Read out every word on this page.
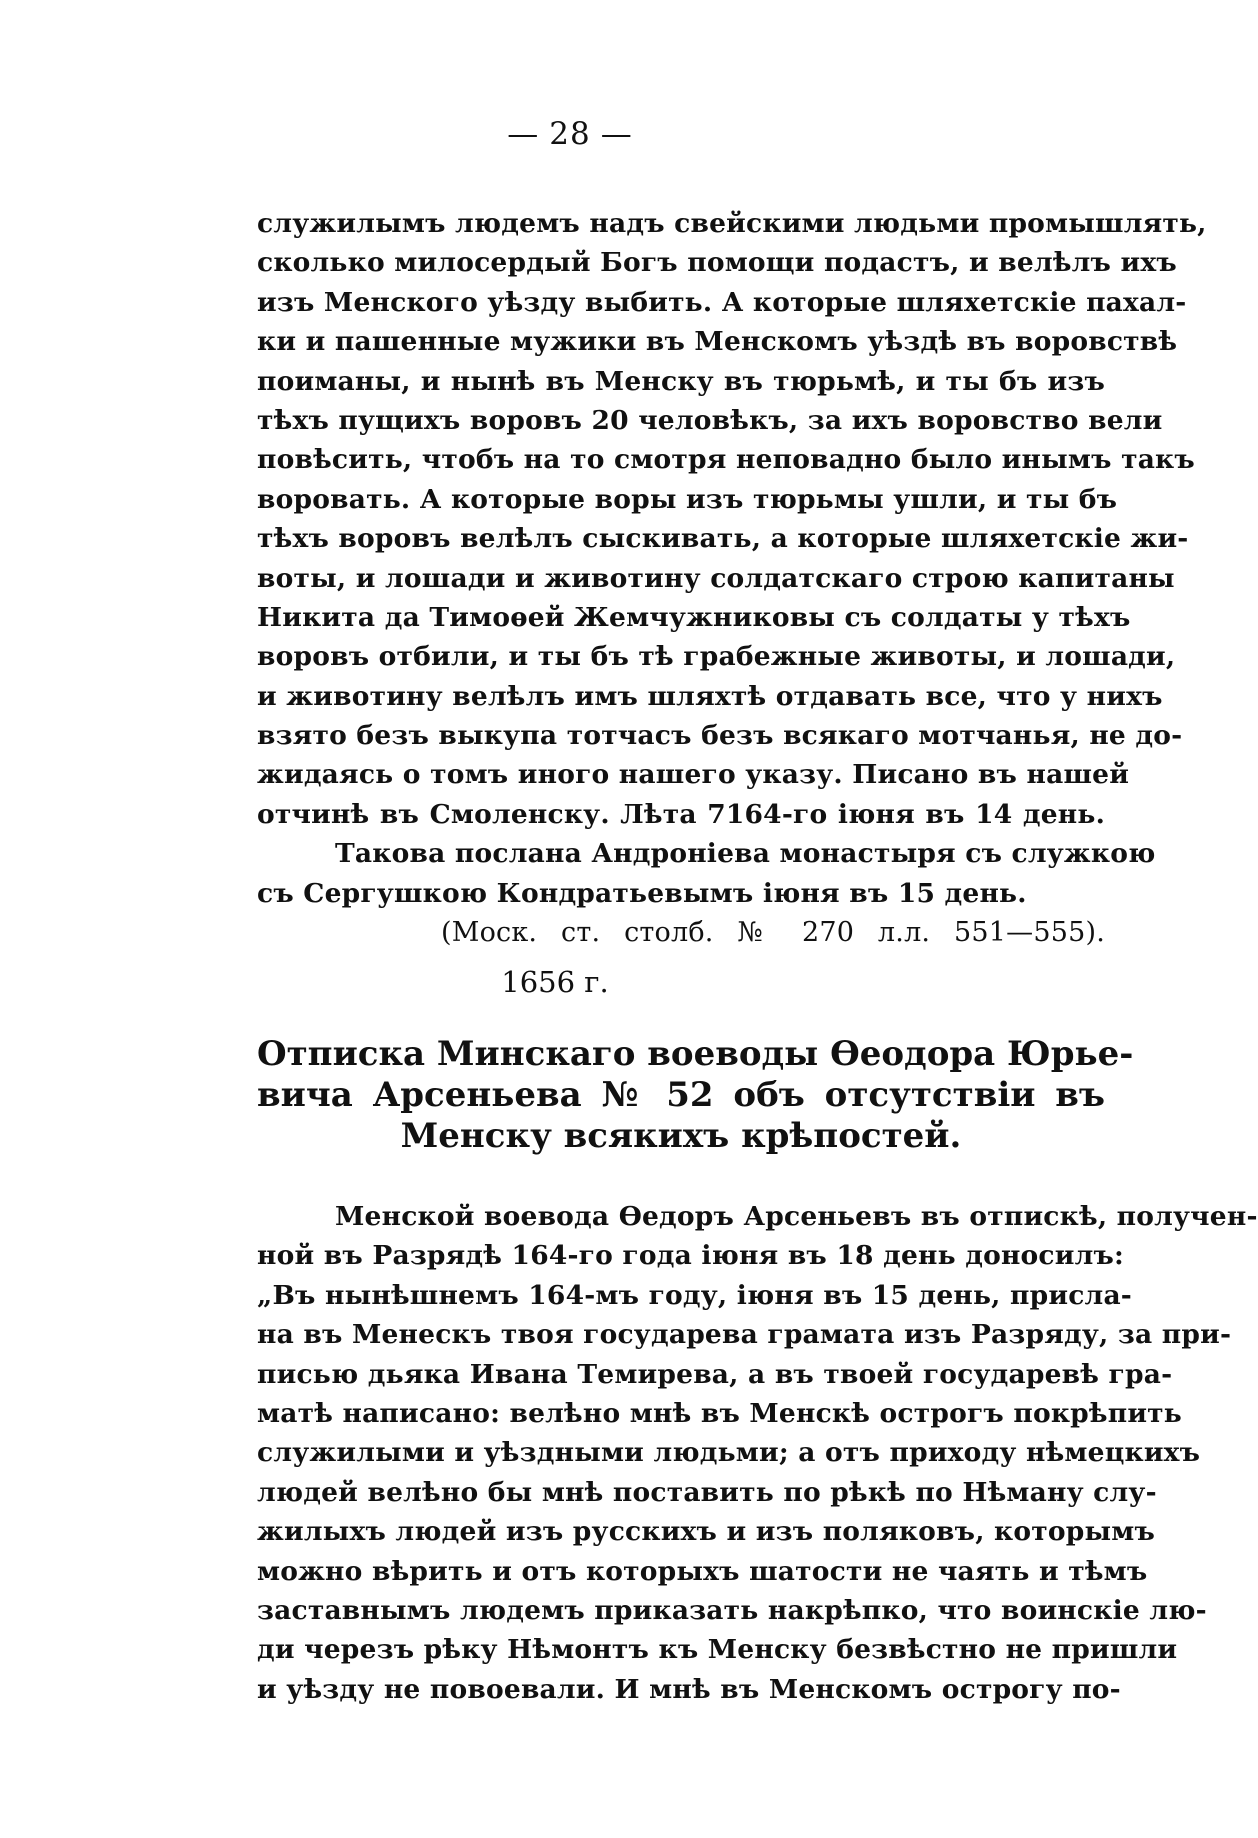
— 28 —
служилымъ людемъ надъ свейскими людьми промышлять,
сколько милосердый Богъ помощи подастъ, и велѣлъ ихъ
изъ Менского уѣзду выбить. А которые шляхетскіе пахал-
ки и пашенные мужики въ Менскомъ уѣздѣ въ воровствѣ
поиманы, и нынѣ въ Менску въ тюрьмѣ, и ты бъ изъ
тѣхъ пущихъ воровъ 20 человѣкъ, за ихъ воровство вели
повѣсить, чтобъ на то смотря неповадно было инымъ такъ
воровать. А которые воры изъ тюрьмы ушли, и ты бъ
тѣхъ воровъ велѣлъ сыскивать, а которые шляхетскіе жи-
воты, и лошади и животину солдатскаго строю капитаны
Никита да Тимоѳей Жемчужниковы съ солдаты у тѣхъ
воровъ отбили, и ты бъ тѣ грабежные животы, и лошади,
и животину велѣлъ имъ шляхтѣ отдавать все, что у нихъ
взято безъ выкупа тотчасъ безъ всякаго мотчанья, не до-
жидаясь о томъ иного нашего указу. Писано въ нашей
отчинѣ въ Смоленску. Лѣта 7164-го іюня въ 14 день.
Такова послана Андроніева монастыря съ служкою
съ Сергушкою Кондратьевымъ іюня въ 15 день.
(Моск. ст. столб. № 270 л.л. 551—555).
1656 г.
Отписка Минскаго воеводы Ѳеодора Юрье-
вича Арсеньева № 52 объ отсутствіи въ
Менску всякихъ крѣпостей.
Менской воевода Ѳедоръ Арсеньевъ въ отпискѣ, получен-
ной въ Разрядѣ 164-го года іюня въ 18 день доносилъ:
„Въ нынѣшнемъ 164-мъ году, іюня въ 15 день, присла-
на въ Менескъ твоя государева грамата изъ Разряду, за при-
писью дьяка Ивана Темирева, а въ твоей государевѣ гра-
матѣ написано: велѣно мнѣ въ Менскѣ острогъ покрѣпить
служилыми и уѣздными людьми; а отъ приходу нѣмецкихъ
людей велѣно бы мнѣ поставить по рѣкѣ по Нѣману слу-
жилыхъ людей изъ русскихъ и изъ поляковъ, которымъ
можно вѣрить и отъ которыхъ шатости не чаять и тѣмъ
заставнымъ людемъ приказать накрѣпко, что воинскіе лю-
ди черезъ рѣку Нѣмонтъ къ Менску безвѣстно не пришли
и уѣзду не повоевали. И мнѣ въ Менскомъ острогу по-
